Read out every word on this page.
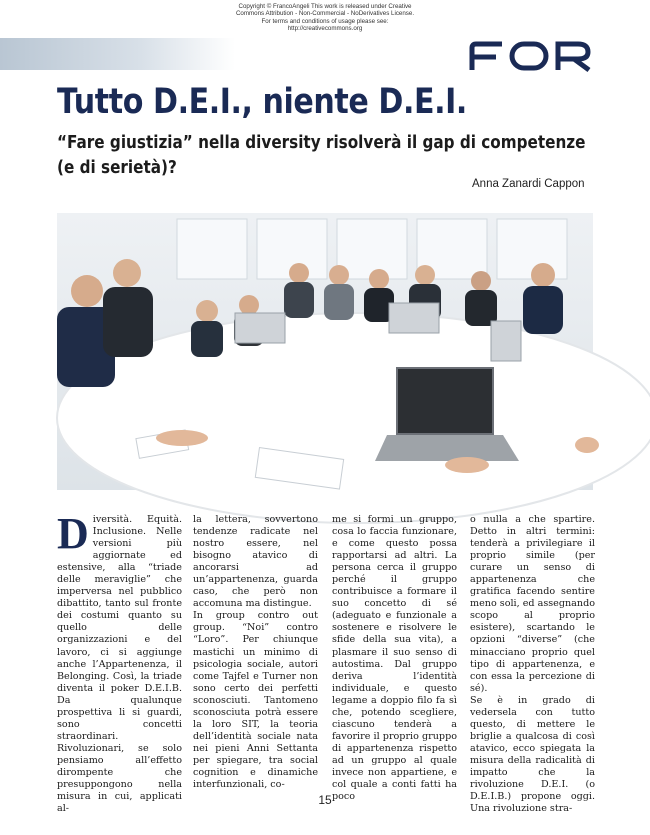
Copyright © FrancoAngeli This work is released under Creative
Commons Attribution - Non-Commercial - NoDerivatives License.
For terms and conditions of usage please see:
http://creativecommons.org
Tutto D.E.I., niente D.E.I.
“Fare giustizia” nella diversity risolverà il gap di competenze (e di serietà)?
Anna Zanardi Cappon

Diversità. Equità. Inclusione. Nelle versioni più aggiornate ed estensive, alla “triade delle meraviglie” che imperversa nel pubblico dibattito, tanto sul fronte dei costumi quanto su quello delle organizzazioni e del lavoro, ci si aggiunge anche l’Appartenenza, il Belonging. Così, la triade diventa il poker D.E.I.B. Da qualunque prospettiva li si guardi, sono concetti straordinari. Rivoluzionari, se solo pensiamo all’effetto dirompente che presuppongono nella misura in cui, applicati al-

la lettera, sovvertono tendenze radicate nel nostro essere, nel bisogno atavico di ancorarsi ad un’appartenenza, guarda caso, che però non accomuna ma distingue.

In group contro out group. “Noi” contro “Loro”. Per chiunque mastichi un minimo di psicologia sociale, autori come Tajfel e Turner non sono certo dei perfetti sconosciuti. Tantomeno sconosciuta potrà essere la loro SIT, la teoria dell’identità sociale nata nei pieni Anni Settanta per spiegare, tra social cognition e dinamiche interfunzionali, co-

me si formi un gruppo, cosa lo faccia funzionare, e come questo possa rapportarsi ad altri. La persona cerca il gruppo perché il gruppo contribuisce a formare il suo concetto di sé (adeguato e funzionale a sostenere e risolvere le sfide della sua vita), a plasmare il suo senso di autostima. Dal gruppo deriva l’identità individuale, e questo legame a doppio filo fa sì che, potendo scegliere, ciascuno tenderà a favorire il proprio gruppo di appartenenza rispetto ad un gruppo al quale invece non appartiene, e col quale a conti fatti ha poco

o nulla a che spartire. Detto in altri termini: tenderà a privilegiare il proprio simile (per curare un senso di appartenenza che gratifica facendo sentire meno soli, ed assegnando scopo al proprio esistere), scartando le opzioni “diverse” (che minacciano proprio quel tipo di appartenenza, e con essa la percezione di sé).

Se è in grado di vedersela con tutto questo, di mettere le briglie a qualcosa di così atavico, ecco spiegata la misura della radicalità di impatto che la rivoluzione D.E.I. (o D.E.I.B.) propone oggi. Una rivoluzione stra-

15
